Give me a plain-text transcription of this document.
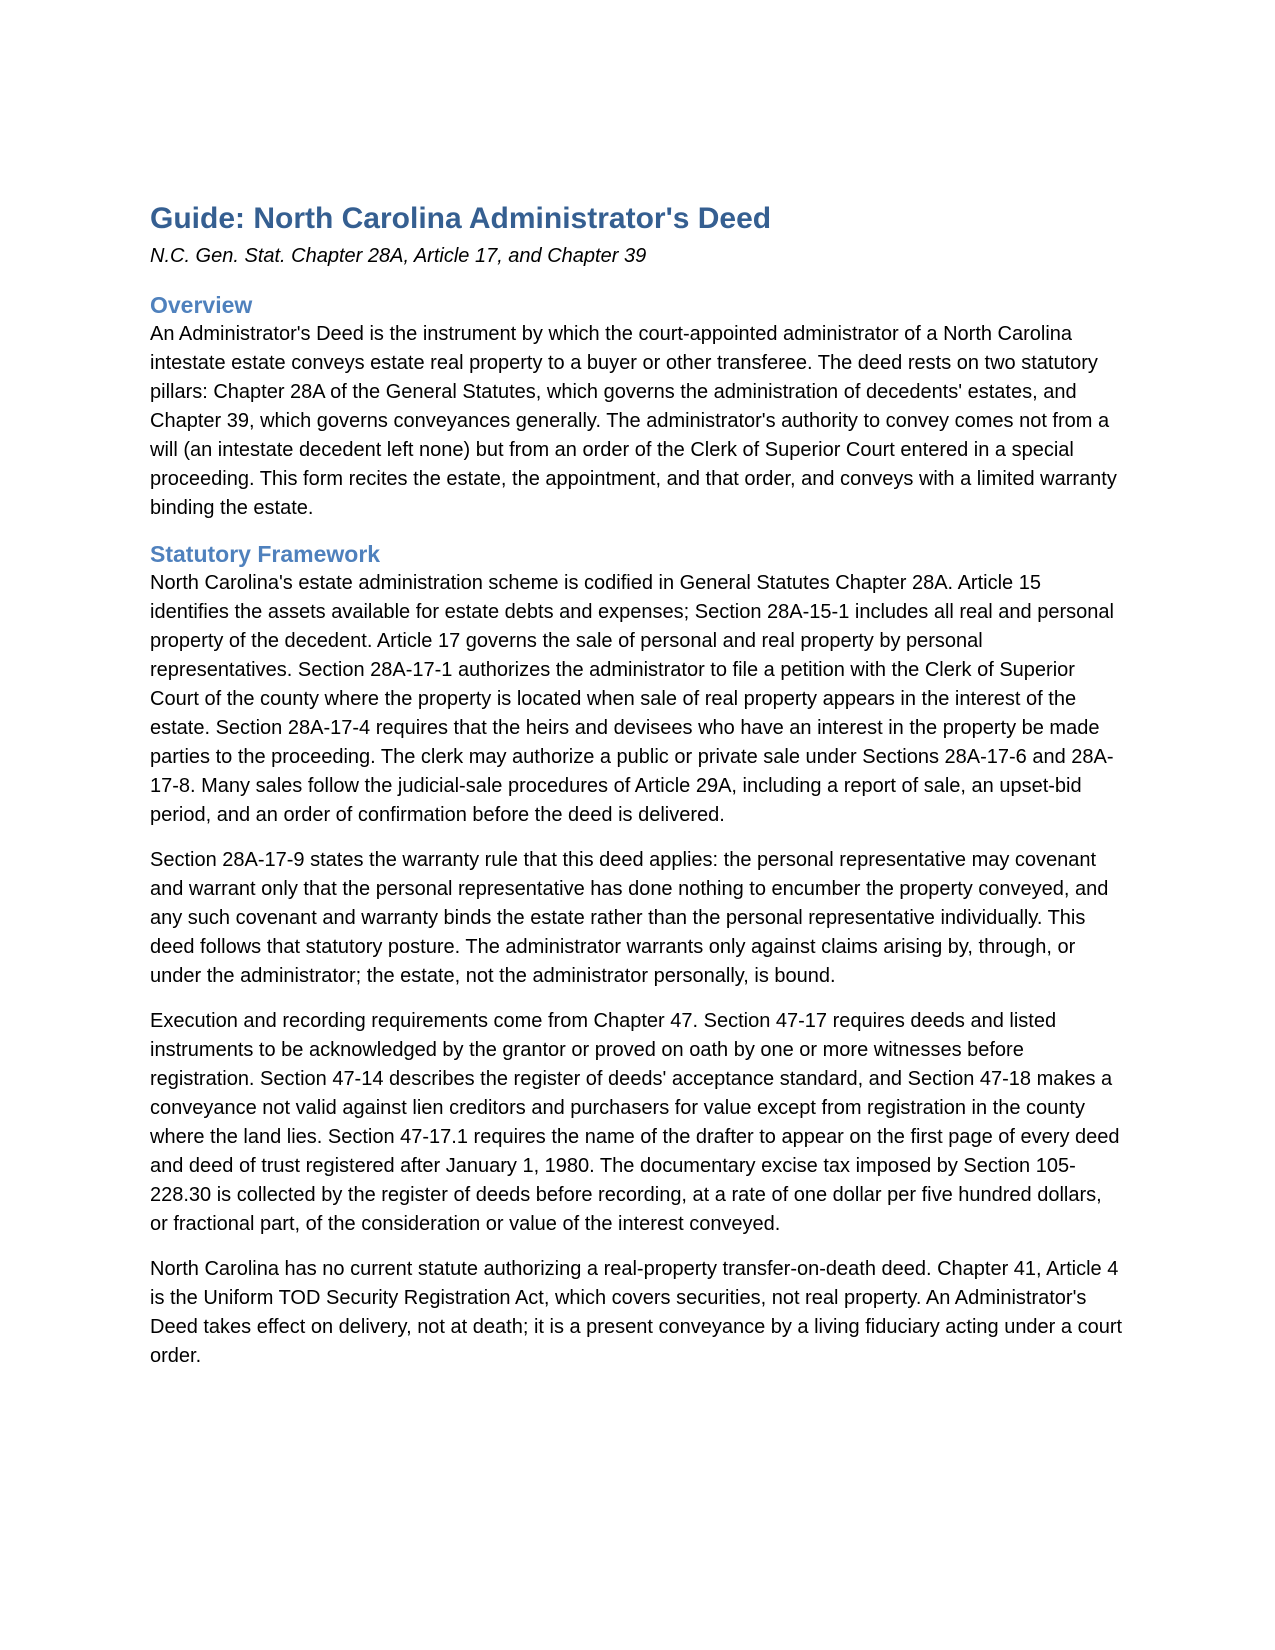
Guide: North Carolina Administrator's Deed

N.C. Gen. Stat. Chapter 28A, Article 17, and Chapter 39

Overview

An Administrator's Deed is the instrument by which the court-appointed administrator of a North Carolina intestate estate conveys estate real property to a buyer or other transferee. The deed rests on two statutory pillars: Chapter 28A of the General Statutes, which governs the administration of decedents' estates, and Chapter 39, which governs conveyances generally. The administrator's authority to convey comes not from a will (an intestate decedent left none) but from an order of the Clerk of Superior Court entered in a special proceeding. This form recites the estate, the appointment, and that order, and conveys with a limited warranty binding the estate.

Statutory Framework

North Carolina's estate administration scheme is codified in General Statutes Chapter 28A. Article 15 identifies the assets available for estate debts and expenses; Section 28A-15-1 includes all real and personal property of the decedent. Article 17 governs the sale of personal and real property by personal representatives. Section 28A-17-1 authorizes the administrator to file a petition with the Clerk of Superior Court of the county where the property is located when sale of real property appears in the interest of the estate. Section 28A-17-4 requires that the heirs and devisees who have an interest in the property be made parties to the proceeding. The clerk may authorize a public or private sale under Sections 28A-17-6 and 28A-17-8. Many sales follow the judicial-sale procedures of Article 29A, including a report of sale, an upset-bid period, and an order of confirmation before the deed is delivered.

Section 28A-17-9 states the warranty rule that this deed applies: the personal representative may covenant and warrant only that the personal representative has done nothing to encumber the property conveyed, and any such covenant and warranty binds the estate rather than the personal representative individually. This deed follows that statutory posture. The administrator warrants only against claims arising by, through, or under the administrator; the estate, not the administrator personally, is bound.

Execution and recording requirements come from Chapter 47. Section 47-17 requires deeds and listed instruments to be acknowledged by the grantor or proved on oath by one or more witnesses before registration. Section 47-14 describes the register of deeds' acceptance standard, and Section 47-18 makes a conveyance not valid against lien creditors and purchasers for value except from registration in the county where the land lies. Section 47-17.1 requires the name of the drafter to appear on the first page of every deed and deed of trust registered after January 1, 1980. The documentary excise tax imposed by Section 105-228.30 is collected by the register of deeds before recording, at a rate of one dollar per five hundred dollars, or fractional part, of the consideration or value of the interest conveyed.

North Carolina has no current statute authorizing a real-property transfer-on-death deed. Chapter 41, Article 4 is the Uniform TOD Security Registration Act, which covers securities, not real property. An Administrator's Deed takes effect on delivery, not at death; it is a present conveyance by a living fiduciary acting under a court order.
